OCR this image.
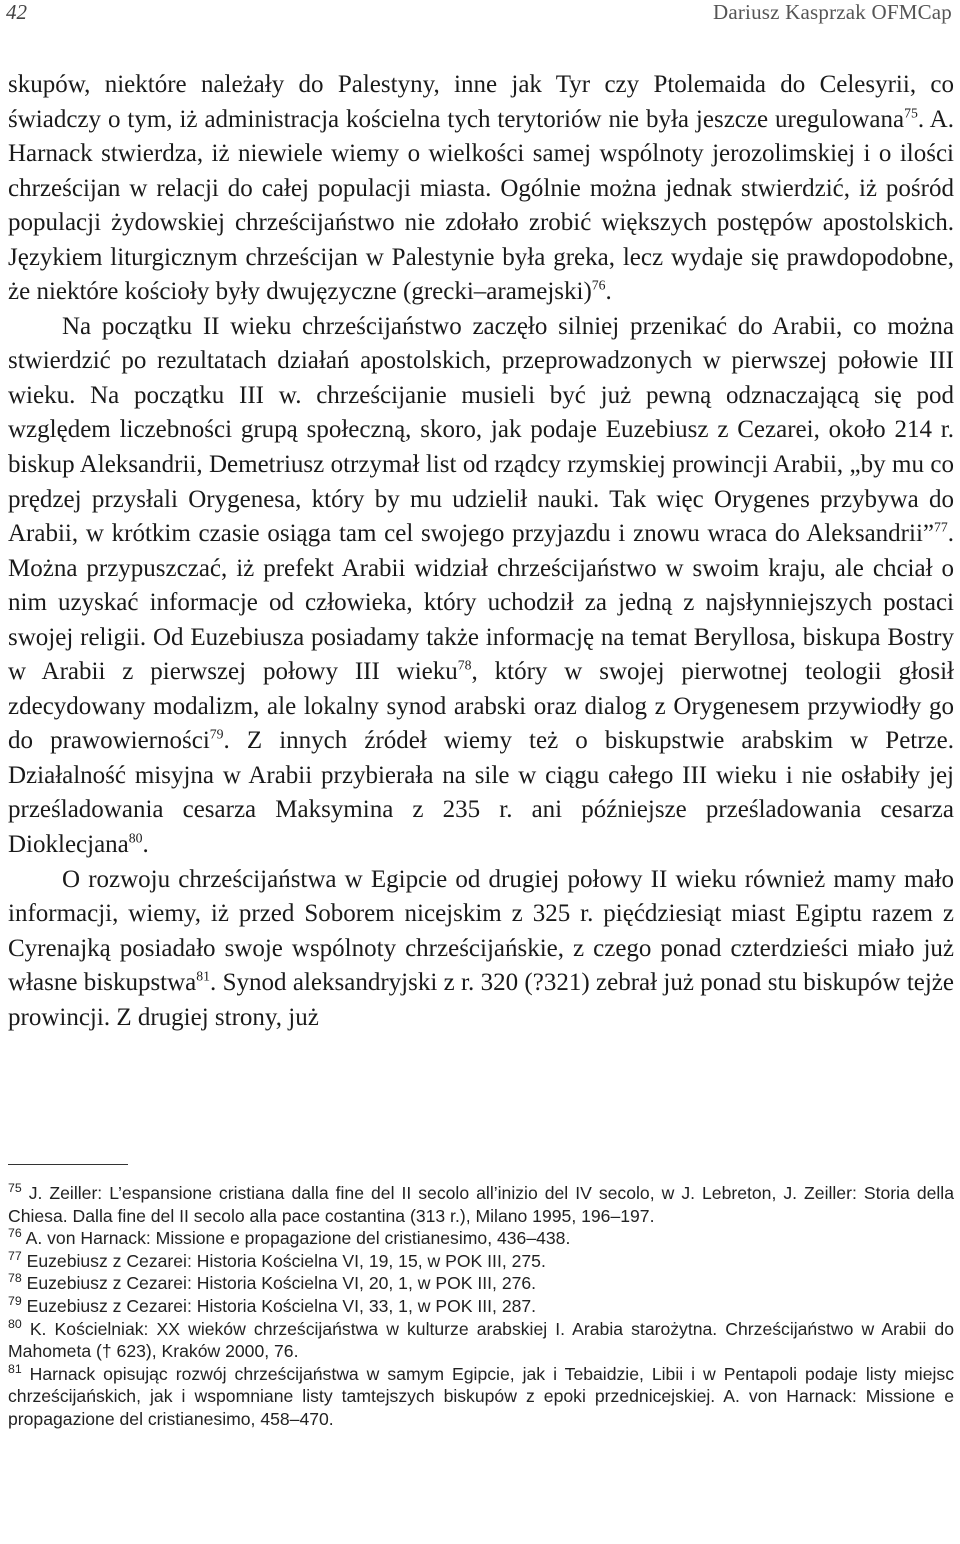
42	Dariusz Kasprzak OFMCap

skupów, niektóre należały do Palestyny, inne jak Tyr czy Ptolemaida do Celesyrii, co świadczy o tym, iż administracja kościelna tych terytoriów nie była jeszcze uregulowana$^{75}$. A. Harnack stwierdza, iż niewiele wiemy o wielkości samej wspólnoty jerozolimskiej i o ilości chrześcijan w relacji do całej populacji miasta. Ogólnie można jednak stwierdzić, iż pośród populacji żydowskiej chrześcijaństwo nie zdołało zrobić większych postępów apostolskich. Językiem liturgicznym chrześcijan w Palestynie była greka, lecz wydaje się prawdopodobne, że niektóre kościoły były dwujęzyczne (grecki–aramejski)$^{76}$.

Na początku II wieku chrześcijaństwo zaczęło silniej przenikać do Arabii, co można stwierdzić po rezultatach działań apostolskich, przeprowadzonych w pierwszej połowie III wieku. Na początku III w. chrześcijanie musieli być już pewną odznaczającą się pod względem liczebności grupą społeczną, skoro, jak podaje Euzebiusz z Cezarei, około 214 r. biskup Aleksandrii, Demetriusz otrzymał list od rządcy rzymskiej prowincji Arabii, „by mu co prędzej przysłali Orygenesa, który by mu udzielił nauki. Tak więc Orygenes przybywa do Arabii, w krótkim czasie osiąga tam cel swojego przyjazdu i znowu wraca do Aleksandrii”$^{77}$. Można przypuszczać, iż prefekt Arabii widział chrześcijaństwo w swoim kraju, ale chciał o nim uzyskać informacje od człowieka, który uchodził za jedną z najsłynniejszych postaci swojej religii. Od Euzebiusza posiadamy także informację na temat Beryllosa, biskupa Bostry w Arabii z pierwszej połowy III wieku$^{78}$, który w swojej pierwotnej teologii głosił zdecydowany modalizm, ale lokalny synod arabski oraz dialog z Orygenesem przywiodły go do prawowierności$^{79}$. Z innych źródeł wiemy też o biskupstwie arabskim w Petrze. Działalność misyjna w Arabii przybierała na sile w ciągu całego III wieku i nie osłabiły jej prześladowania cesarza Maksymina z 235 r. ani późniejsze prześladowania cesarza Dioklecjana$^{80}$.

O rozwoju chrześcijaństwa w Egipcie od drugiej połowy II wieku również mamy mało informacji, wiemy, iż przed Soborem nicejskim z 325 r. pięćdziesiąt miast Egiptu razem z Cyrenajką posiadało swoje wspólnoty chrześcijańskie, z czego ponad czterdzieści miało już własne biskupstwa$^{81}$. Synod aleksandryjski z r. 320 (?321) zebrał już ponad stu biskupów tejże prowincji. Z drugiej strony, już

$^{75}$ J. Zeiller: L’espansione cristiana dalla fine del II secolo all’inizio del IV secolo, w J. Lebreton, J. Zeiller: Storia della Chiesa. Dalla fine del II secolo alla pace costantina (313 r.), Milano 1995, 196–197.

$^{76}$ A. von Harnack: Missione e propagazione del cristianesimo, 436–438.

$^{77}$ Euzebiusz z Cezarei: Historia Kościelna VI, 19, 15, w POK III, 275.

$^{78}$ Euzebiusz z Cezarei: Historia Kościelna VI, 20, 1, w POK III, 276.

$^{79}$ Euzebiusz z Cezarei: Historia Kościelna VI, 33, 1, w POK III, 287.

$^{80}$ K. Kościelniak: XX wieków chrześcijaństwa w kulturze arabskiej I. Arabia starożytna. Chrześcijaństwo w Arabii do Mahometa († 623), Kraków 2000, 76.

$^{81}$ Harnack opisując rozwój chrześcijaństwa w samym Egipcie, jak i Tebaidzie, Libii i w Pentapoli podaje listy miejsc chrześcijańskich, jak i wspomniane listy tamtejszych biskupów z epoki przednicejskiej. A. von Harnack: Missione e propagazione del cristianesimo, 458–470.
